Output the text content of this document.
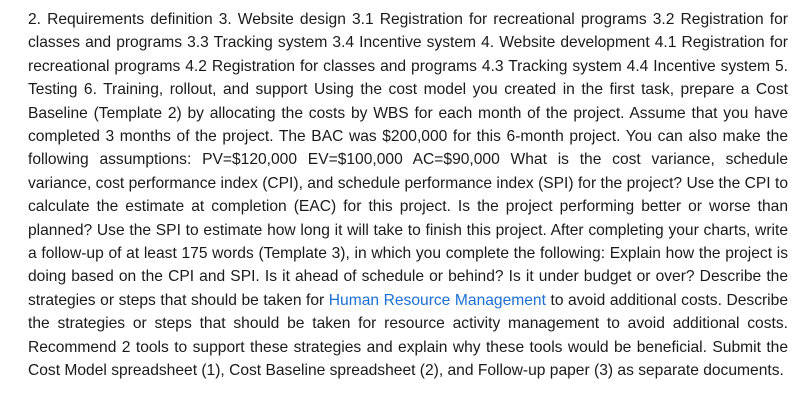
2. Requirements definition 3. Website design 3.1 Registration for recreational programs 3.2 Registration for classes and programs 3.3 Tracking system 3.4 Incentive system 4. Website development 4.1 Registration for recreational programs 4.2 Registration for classes and programs 4.3 Tracking system 4.4 Incentive system 5. Testing 6. Training, rollout, and support Using the cost model you created in the first task, prepare a Cost Baseline (Template 2) by allocating the costs by WBS for each month of the project. Assume that you have completed 3 months of the project. The BAC was $200,000 for this 6-month project. You can also make the following assumptions: PV=$120,000 EV=$100,000 AC=$90,000 What is the cost variance, schedule variance, cost performance index (CPI), and schedule performance index (SPI) for the project? Use the CPI to calculate the estimate at completion (EAC) for this project. Is the project performing better or worse than planned? Use the SPI to estimate how long it will take to finish this project. After completing your charts, write a follow-up of at least 175 words (Template 3), in which you complete the following: Explain how the project is doing based on the CPI and SPI. Is it ahead of schedule or behind? Is it under budget or over? Describe the strategies or steps that should be taken for Human Resource Management to avoid additional costs. Describe the strategies or steps that should be taken for resource activity management to avoid additional costs. Recommend 2 tools to support these strategies and explain why these tools would be beneficial. Submit the Cost Model spreadsheet (1), Cost Baseline spreadsheet (2), and Follow-up paper (3) as separate documents.
